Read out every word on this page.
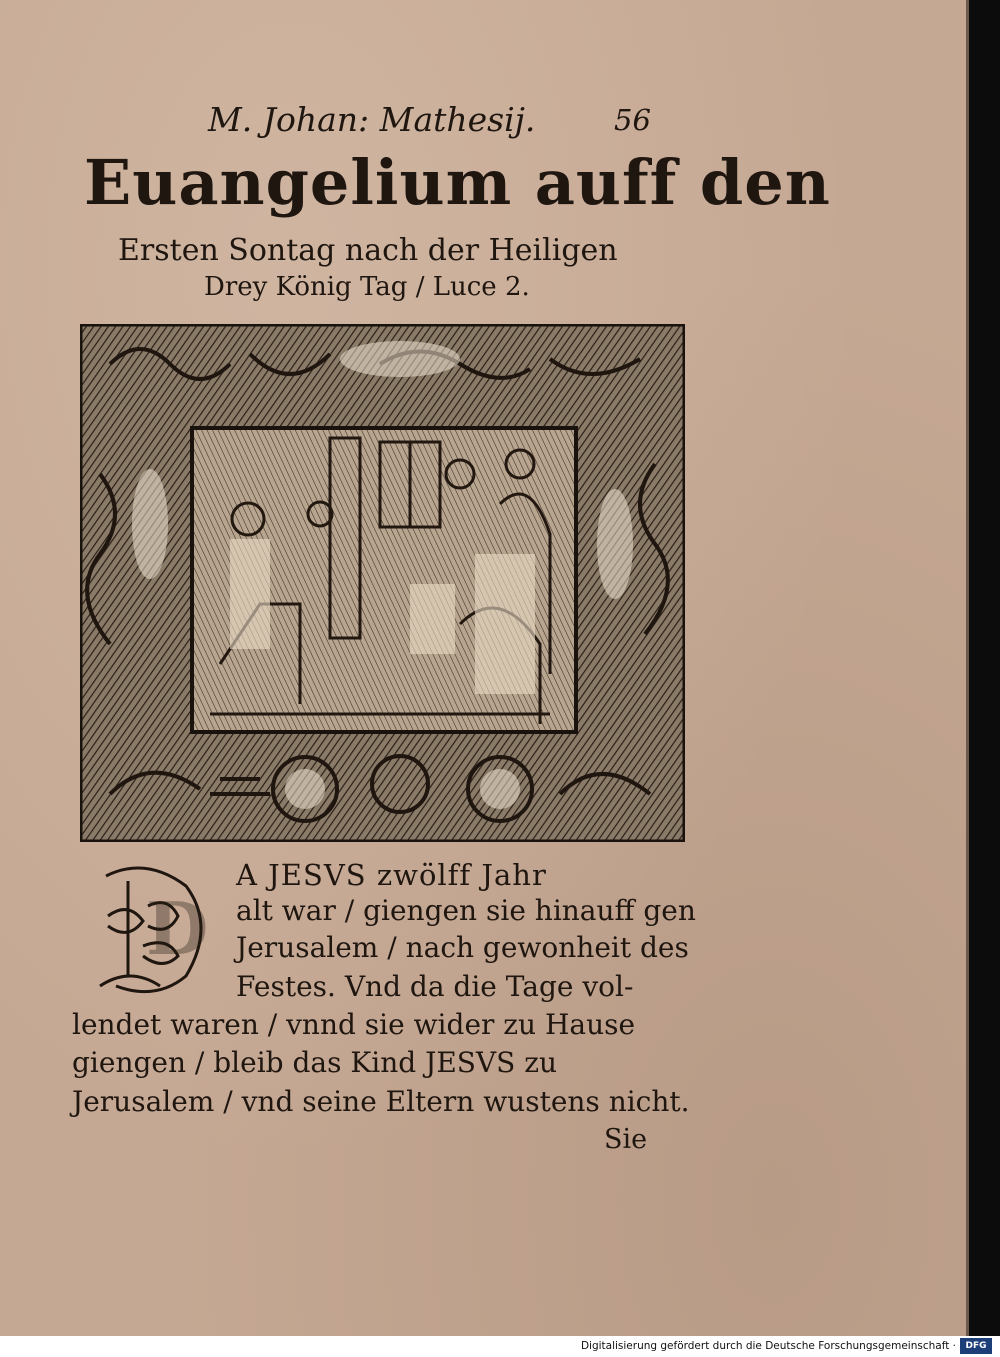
M. Johan: Mathesij.	56
Euangelium auff den
Ersten Sontag nach der Heiligen
Drey König Tag / Luce 2.
D
A JESVS zwölff Jahr
alt war / giengen sie hinauff gen
Jerusalem / nach gewonheit des
Festes. Vnd da die Tage vol-
lendet waren / vnnd sie wider zu Hause
giengen / bleib das Kind JESVS zu
Jerusalem / vnd seine Eltern wustens nicht.
Sie
Digitalisierung gefördert durch die Deutsche Forschungsgemeinschaft ·	DFG
